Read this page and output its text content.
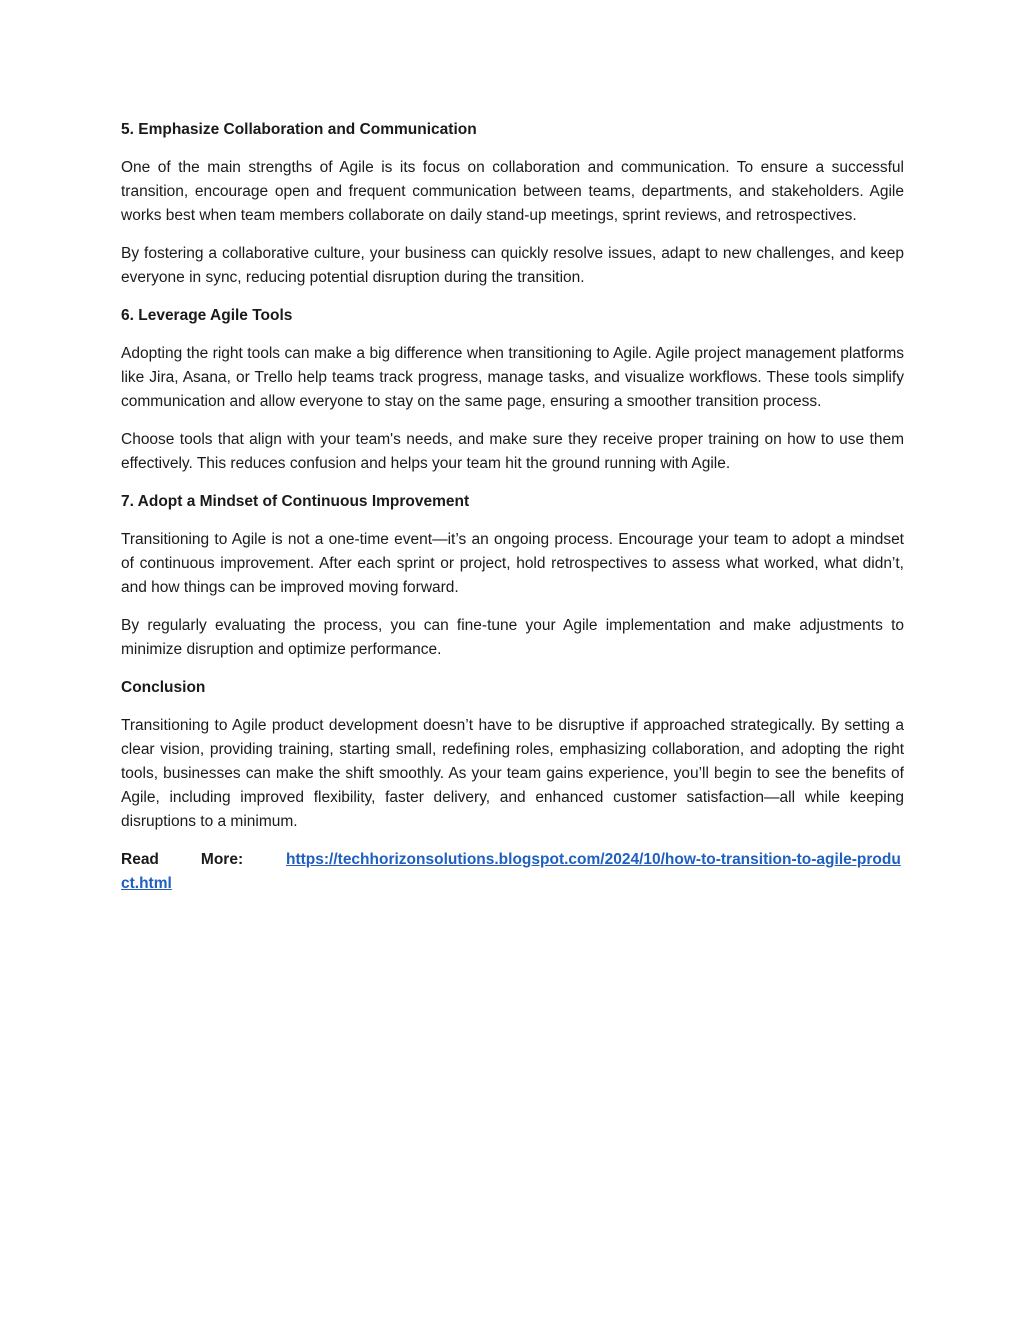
5. Emphasize Collaboration and Communication

One of the main strengths of Agile is its focus on collaboration and communication. To ensure a successful transition, encourage open and frequent communication between teams, departments, and stakeholders. Agile works best when team members collaborate on daily stand-up meetings, sprint reviews, and retrospectives.

By fostering a collaborative culture, your business can quickly resolve issues, adapt to new challenges, and keep everyone in sync, reducing potential disruption during the transition.

6. Leverage Agile Tools

Adopting the right tools can make a big difference when transitioning to Agile. Agile project management platforms like Jira, Asana, or Trello help teams track progress, manage tasks, and visualize workflows. These tools simplify communication and allow everyone to stay on the same page, ensuring a smoother transition process.

Choose tools that align with your team's needs, and make sure they receive proper training on how to use them effectively. This reduces confusion and helps your team hit the ground running with Agile.

7. Adopt a Mindset of Continuous Improvement

Transitioning to Agile is not a one-time event—it’s an ongoing process. Encourage your team to adopt a mindset of continuous improvement. After each sprint or project, hold retrospectives to assess what worked, what didn’t, and how things can be improved moving forward.

By regularly evaluating the process, you can fine-tune your Agile implementation and make adjustments to minimize disruption and optimize performance.

Conclusion

Transitioning to Agile product development doesn’t have to be disruptive if approached strategically. By setting a clear vision, providing training, starting small, redefining roles, emphasizing collaboration, and adopting the right tools, businesses can make the shift smoothly. As your team gains experience, you’ll begin to see the benefits of Agile, including improved flexibility, faster delivery, and enhanced customer satisfaction—all while keeping disruptions to a minimum.

Read	More:	https://techhorizonsolutions.blogspot.com/2024/10/how-to-transition-to-agile-product.html
